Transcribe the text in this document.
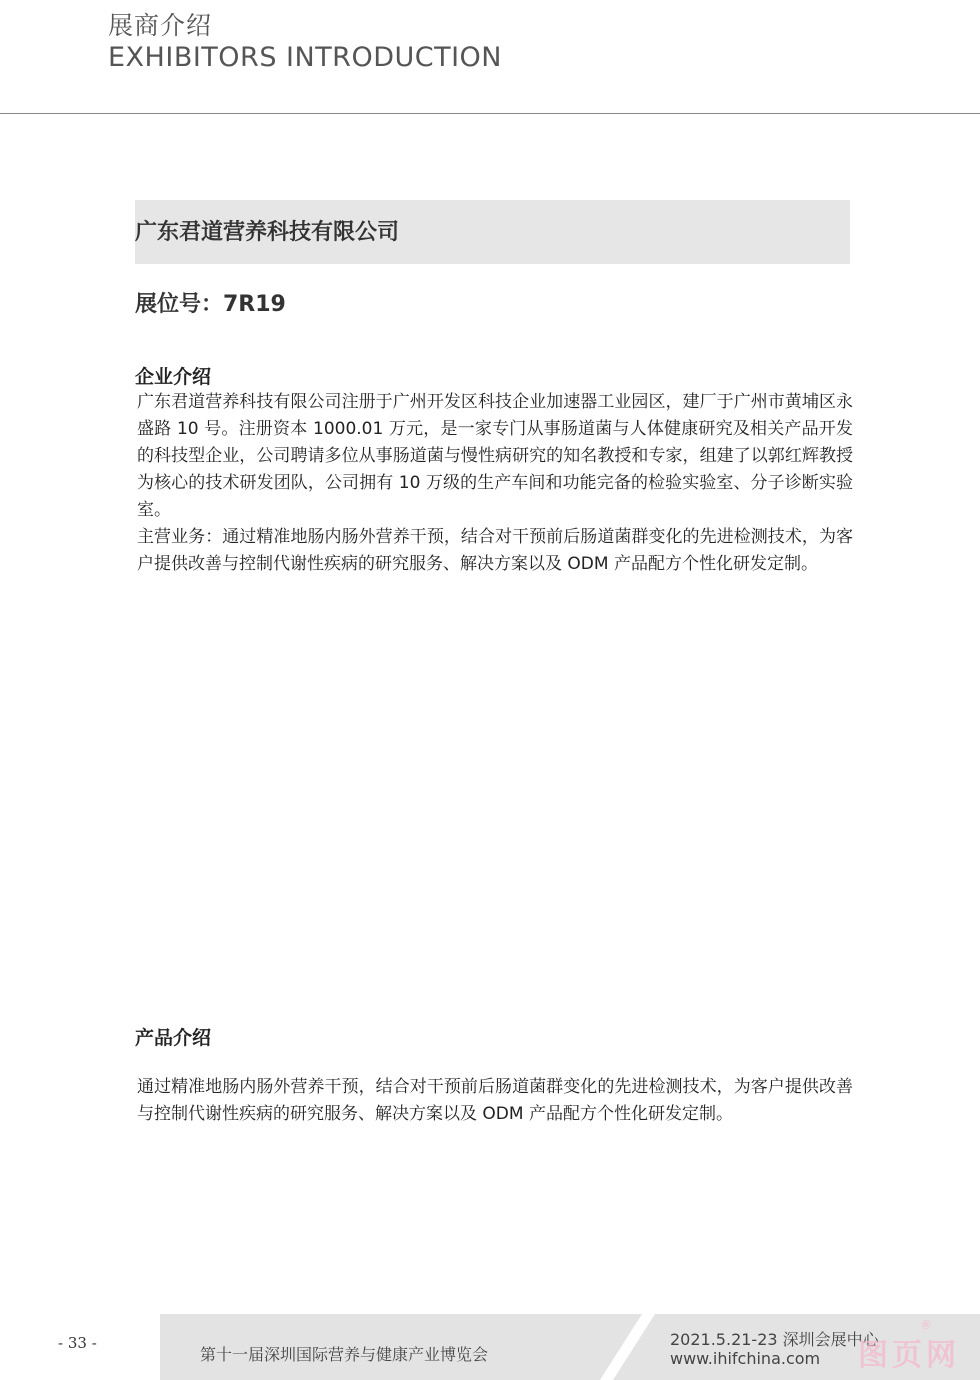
展商介绍
EXHIBITORS INTRODUCTION
广东君道营养科技有限公司
展位号：7R19
企业介绍

广东君道营养科技有限公司注册于广州开发区科技企业加速器工业园区，建厂于广州市黄埔区永盛路 10 号。注册资本 1000.01 万元，是一家专门从事肠道菌与人体健康研究及相关产品开发的科技型企业，公司聘请多位从事肠道菌与慢性病研究的知名教授和专家，组建了以郭红辉教授为核心的技术研发团队，公司拥有 10 万级的生产车间和功能完备的检验实验室、分子诊断实验室。

主营业务：通过精准地肠内肠外营养干预，结合对干预前后肠道菌群变化的先进检测技术，为客户提供改善与控制代谢性疾病的研究服务、解决方案以及 ODM 产品配方个性化研发定制。

产品介绍

通过精准地肠内肠外营养干预，结合对干预前后肠道菌群变化的先进检测技术，为客户提供改善与控制代谢性疾病的研究服务、解决方案以及 ODM 产品配方个性化研发定制。

- 33 -
第十一届深圳国际营养与健康产业博览会
2021.5.21-23 深圳会展中心
www.ihifchina.com 图页网
®
